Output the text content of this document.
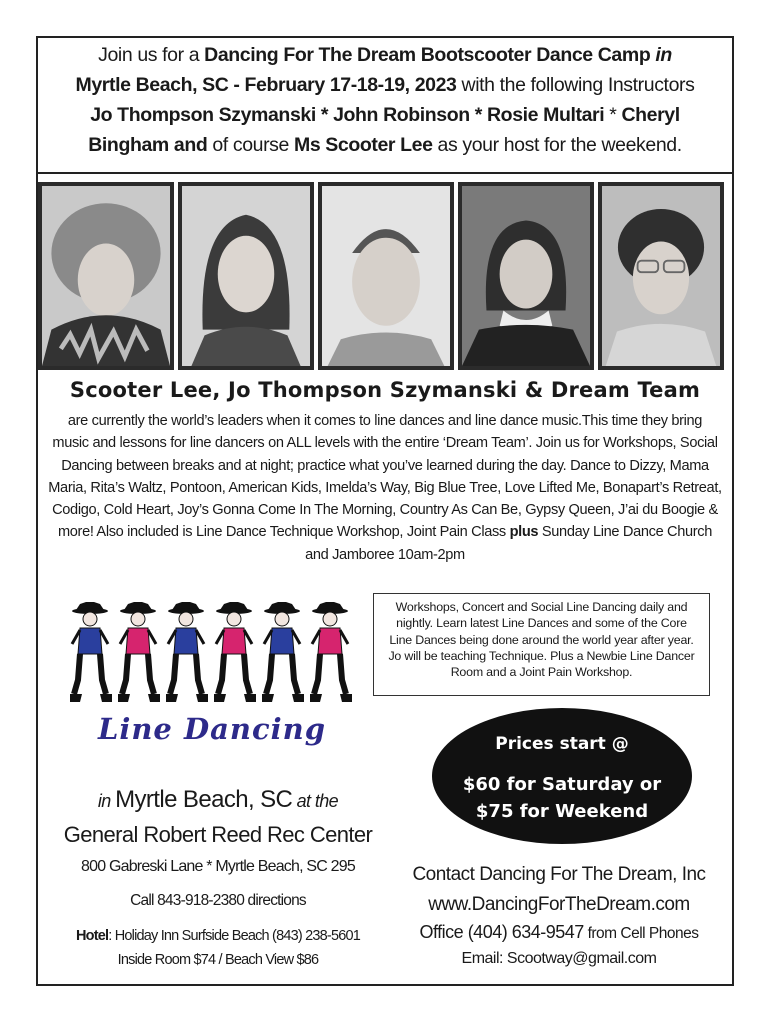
Join us for a Dancing For The Dream Bootscooter Dance Camp in
Myrtle Beach, SC - February 17-18-19, 2023 with the following Instructors
Jo Thompson Szymanski * John Robinson * Rosie Multari * Cheryl Bingham and of course Ms Scooter Lee as your host for the weekend.
Scooter Lee, Jo Thompson Szymanski & Dream Team
are currently the world’s leaders when it comes to line dances and line dance music.This time they bring music and lessons for line dancers on ALL levels with the entire ‘Dream Team’. Join us for Workshops, Social Dancing between breaks and at night; practice what you’ve learned during the day. Dance to Dizzy, Mama Maria, Rita’s Waltz, Pontoon, American Kids, Imelda’s Way, Big Blue Tree, Love Lifted Me, Bonapart’s Retreat, Codigo, Cold Heart, Joy’s Gonna Come In The Morning, Country As Can Be, Gypsy Queen, J’ai du Boogie & more! Also included is Line Dance Technique Workshop, Joint Pain Class plus Sunday Line Dance Church and Jamboree 10am-2pm
Line Dancing
Workshops, Concert and Social Line Dancing daily and nightly. Learn latest Line Dances and some of the Core Line Dances being done around the world year after year. Jo will be teaching Technique. Plus a Newbie Line Dancer Room and a Joint Pain Workshop.
Prices start @
$60 for Saturday or
$75 for Weekend
in Myrtle Beach, SC at the
General Robert Reed Rec Center
800 Gabreski Lane * Myrtle Beach, SC 295
Call 843-918-2380 directions
Hotel: Holiday Inn Surfside Beach (843) 238-5601
Inside Room $74 / Beach View $86
Contact Dancing For The Dream, Inc
www.DancingForTheDream.com
Office (404) 634-9547 from Cell Phones
Email: Scootway@gmail.com
